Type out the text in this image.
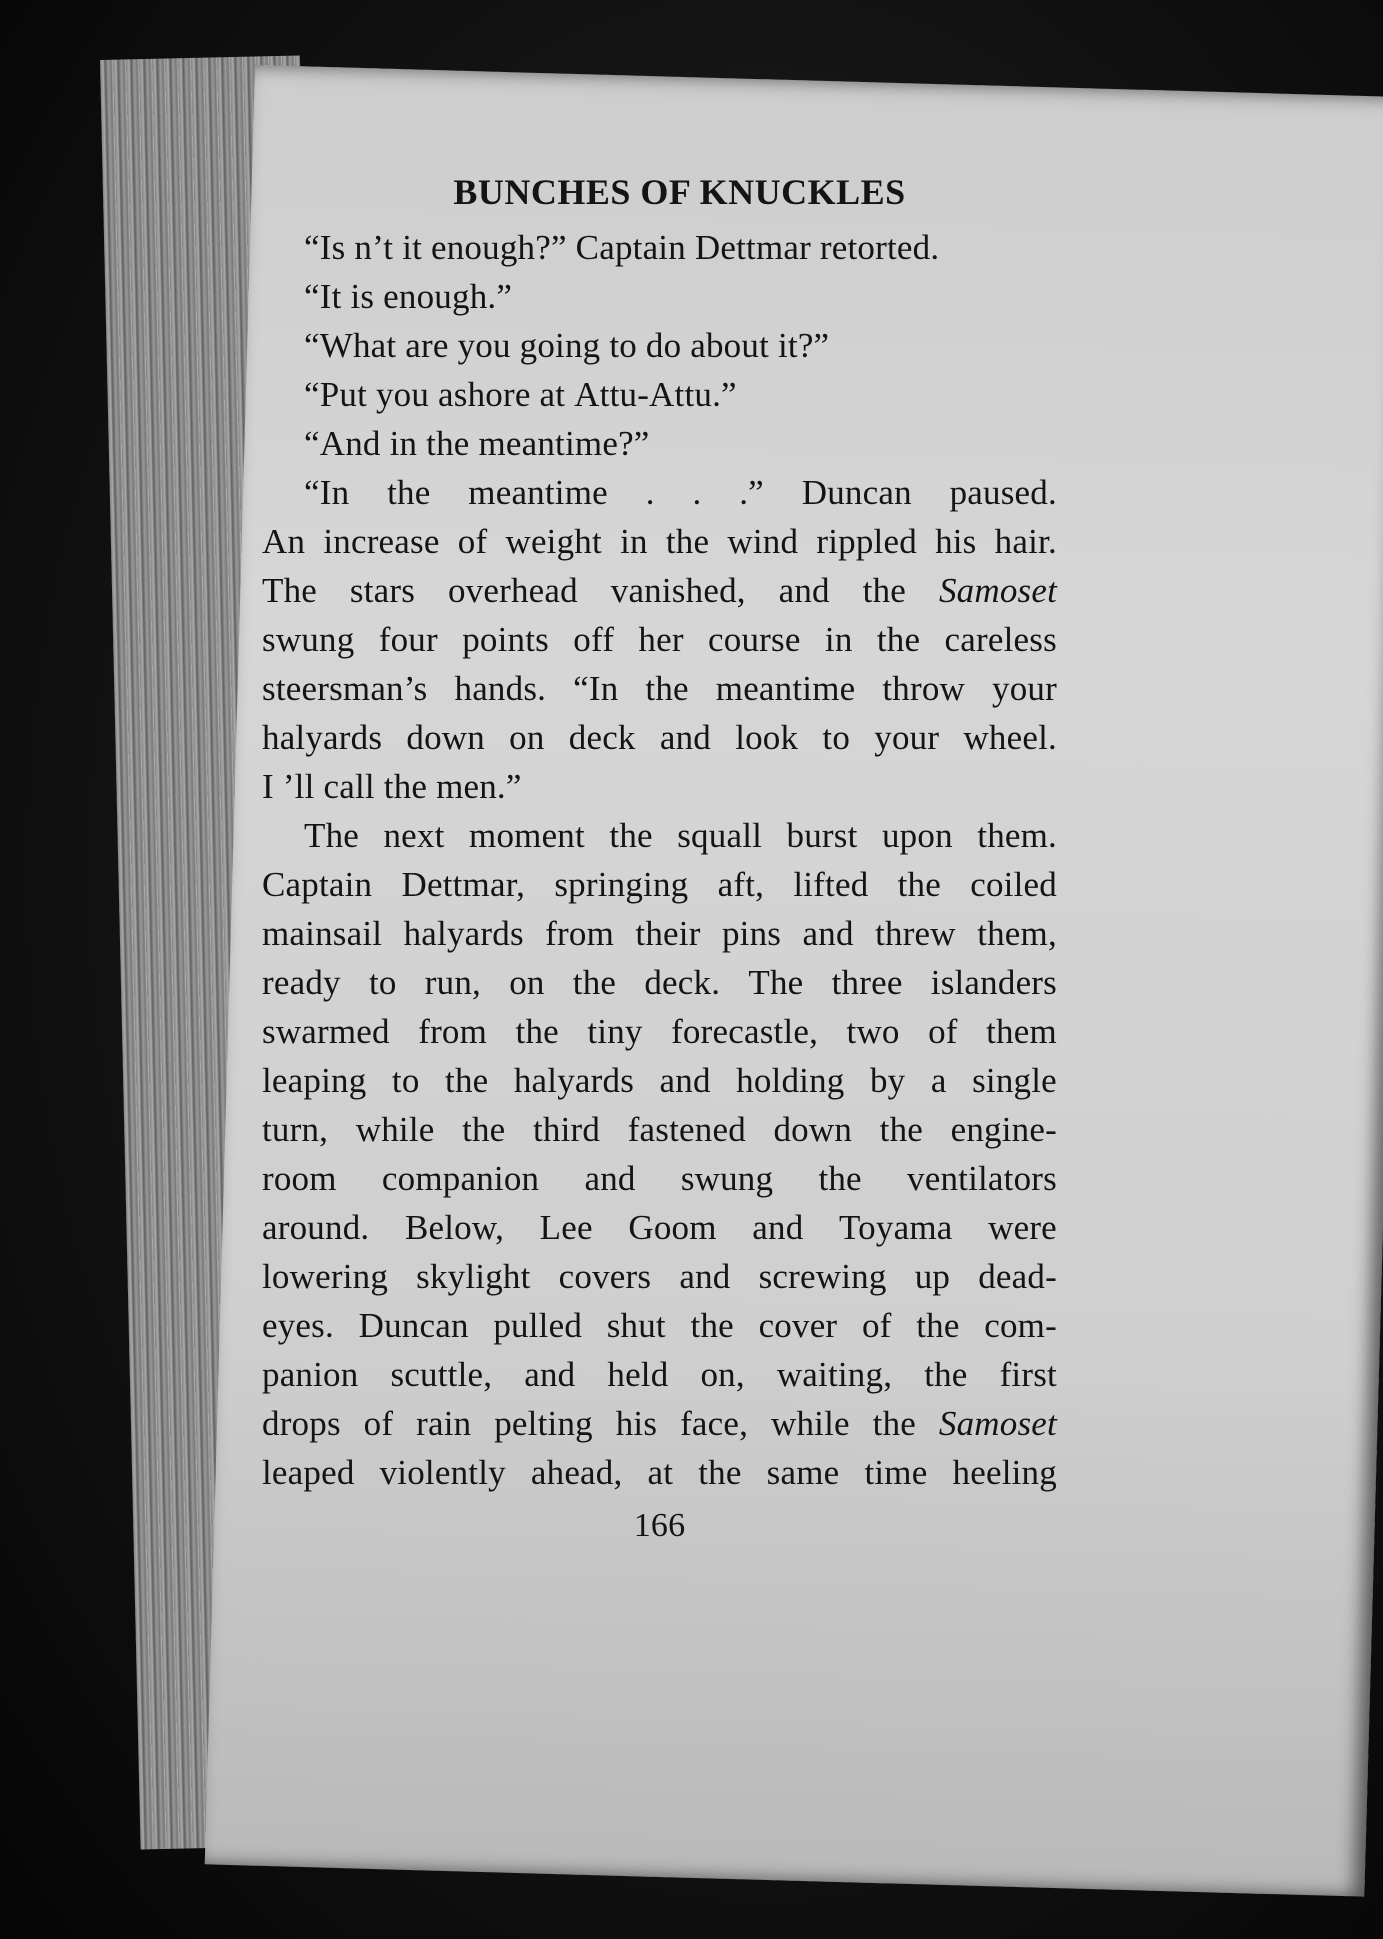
BUNCHES OF KNUCKLES
“Is
n’t
it
enough?”
Captain
Dettmar
retorted.
“It
is
enough.”
“What
are
you
going
to
do
about
it?”
“Put
you
ashore
at
Attu-Attu.”
“And
in
the
meantime?”
“In the meantime . . .” Duncan paused.
An increase of weight in the wind rippled his hair.
The stars overhead vanished, and the Samoset
swung four points off her course in the careless
steersman’s hands. “In the meantime throw your
halyards down on deck and look to your wheel.
I
’ll
call
the
men.”
The next moment the squall burst upon them.
Captain Dettmar, springing aft, lifted the coiled
mainsail halyards from their pins and threw them,
ready to run, on the deck. The three islanders
swarmed from the tiny forecastle, two of them
leaping to the halyards and holding by a single
turn, while the third fastened down the engine-
room companion and swung the ventilators
around. Below, Lee Goom and Toyama were
lowering skylight covers and screwing up dead-
eyes. Duncan pulled shut the cover of the com-
panion scuttle, and held on, waiting, the first
drops of rain pelting his face, while the Samoset
leaped violently ahead, at the same time heeling
166
